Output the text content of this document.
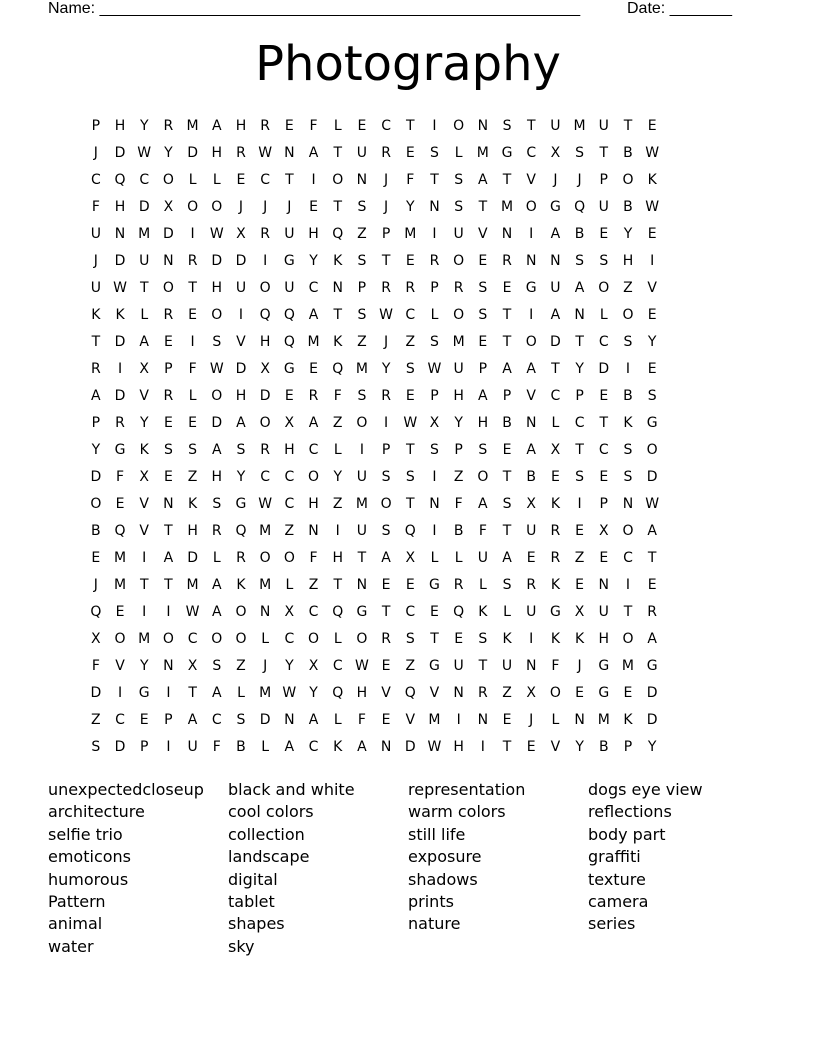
Name: ______________________________________________________	Date: _______
Photography
P	H	Y	R M A H R	E	F	L	E	C	T	I	O N	S	T	U M U	T	E
J	D W Y	D H R W N A	T	U R	E	S	L M G C	X	S	T	B W
C Q C O	L	L	E	C	T	I	O N	J	F	T	S	A	T	V	J	J	P O K
F	H D X O O	J	J	J	E	T	S	J	Y	N	S	T M O G Q U B W
U N M D	I	W X	R U H Q Z	P M	I	U V N	I	A	B	E	Y	E
J	D U N R D D	I	G Y	K	S	T	E	R O E	R N N	S	S H	I
U W T O T	H U O U C N	P	R R	P	R	S	E G U A O Z	V
K	K	L	R	E O	I	Q Q A	T	S W C	L	O S	T	I	A N	L	O E
T	D A	E	I	S	V H Q M K	Z	J	Z	S M E	T O D	T	C	S	Y
R	I	X	P	F W D X G E Q M Y	S W U	P	A	A	T	Y	D	I	E
A D V	R	L	O H D E	R	F	S	R	E	P	H A	P	V	C	P	E	B	S
P	R	Y	E	E D A O X	A	Z O	I	W X	Y	H B N	L	C	T	K G
Y G K	S	S	A	S	R H C	L	I	P	T	S	P	S	E	A	X	T	C	S O
D	F	X	E	Z H	Y	C C O Y	U	S	S	I	Z O T	B	E	S	E	S D
O E	V N K	S G W C H Z M O T	N	F	A	S	X	K	I	P	N W
B Q V	T	H R Q M Z N	I	U	S Q	I	B	F	T	U R	E	X O A
E M	I	A D	L	R O O	F	H	T	A	X	L	L	U A	E	R	Z	E	C	T
J	M T	T M A	K M L	Z	T	N	E	E G R	L	S	R	K	E	N	I	E
Q E	I	I	W A O N X	C Q G T	C	E Q K	L	U G X U	T	R
X O M O C O O	L	C O	L	O R	S	T	E	S	K	I	K	K H O A
F	V	Y	N X	S	Z	J	Y	X	C W E	Z G U	T	U N	F	J	G M G
D	I	G	I	T	A	L M W Y Q H V Q V N R	Z	X O E G E D
Z	C	E	P	A	C	S D N A	L	F	E	V M	I	N	E	J	L	N M K D
S D	P	I	U	F	B	L	A	C	K	A N D W H	I	T	E	V	Y	B	P	Y
unexpectedcloseup
architecture
selfie trio
emoticons
humorous
Pattern
animal
water
black and white
cool colors
collection
landscape
digital
tablet
shapes
sky
representation
warm colors
still life
exposure
shadows
prints
nature
dogs eye view
reflections
body part
graffiti
texture
camera
series
